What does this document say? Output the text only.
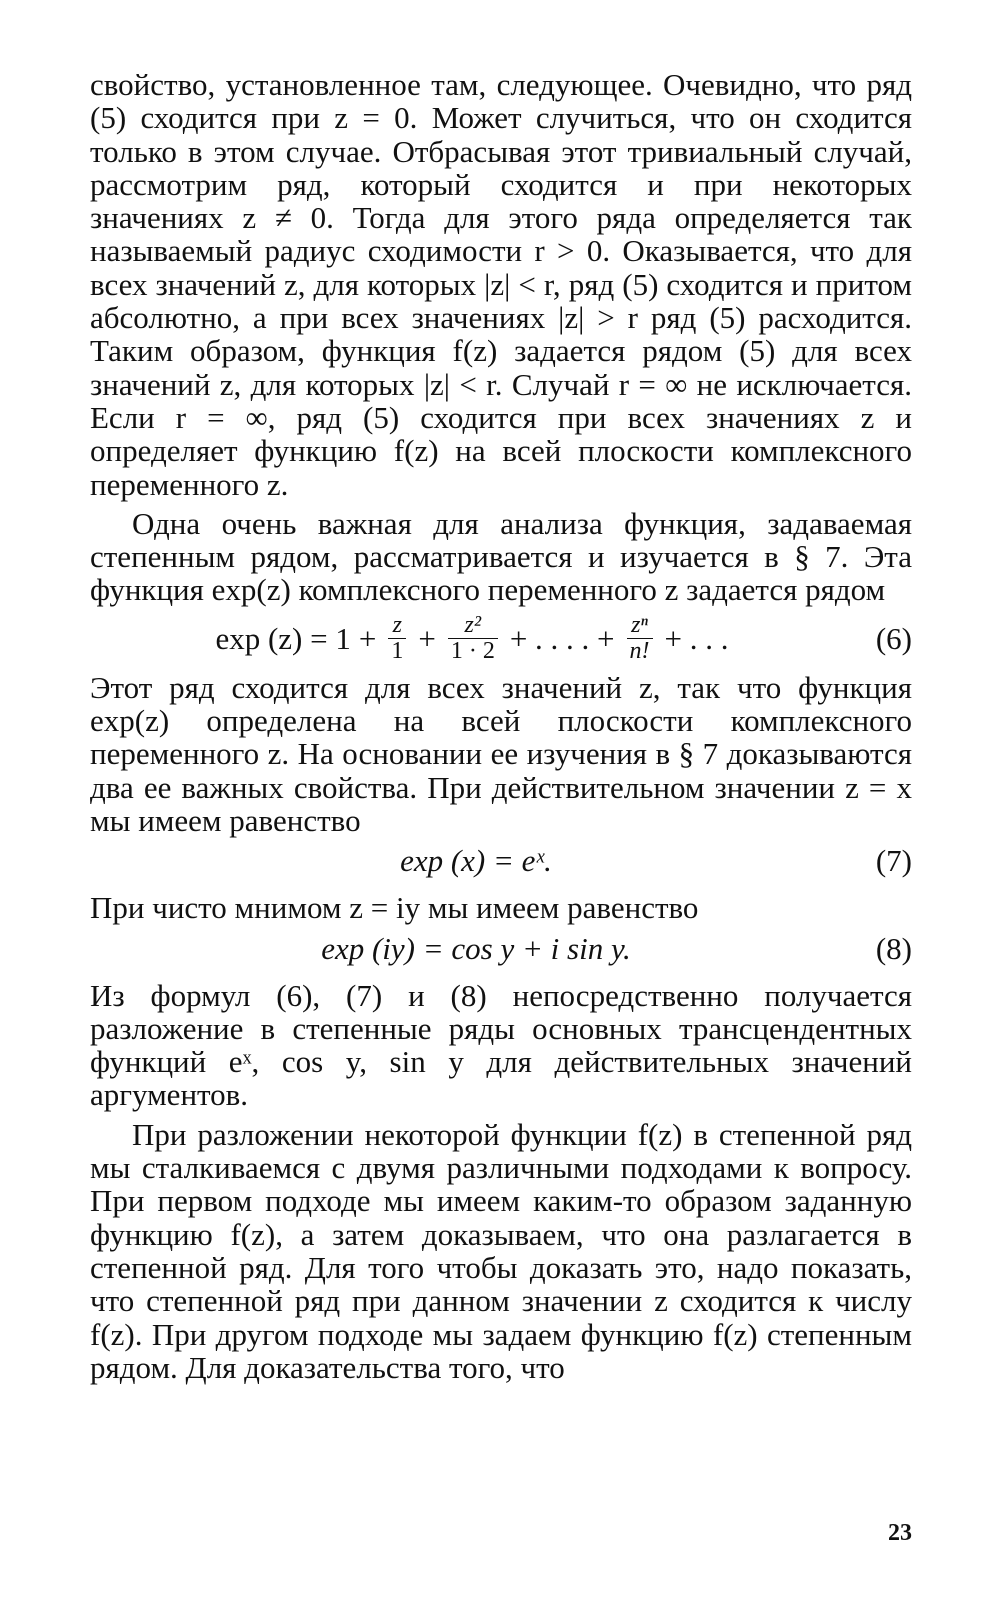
свойство, установленное там, следующее. Очевидно, что ряд (5) сходится при z = 0. Может случиться, что он сходится только в этом случае. Отбрасывая этот тривиальный случай, рассмотрим ряд, который сходится и при некоторых значениях z ≠ 0. Тогда для этого ряда определяется так называемый радиус сходимости r > 0. Оказывается, что для всех значений z, для которых |z| < r, ряд (5) сходится и притом абсолютно, а при всех значениях |z| > r ряд (5) расходится. Таким образом, функция f(z) задается рядом (5) для всех значений z, для которых |z| < r. Случай r = ∞ не исключается. Если r = ∞, ряд (5) сходится при всех значениях z и определяет функцию f(z) на всей плоскости комплексного переменного z.

Одна очень важная для анализа функция, задаваемая степенным рядом, рассматривается и изучается в § 7. Эта функция exp(z) комплексного переменного z задается рядом

$\exp (z) = 1 + \frac{z}{1} + \frac{\text{z²}}{1 \cdot 2}$ + . . . . + $\frac{\text{zⁿ}}{n!}$ + . . .	(6)

Этот ряд сходится для всех значений z, так что функция exp(z) определена на всей плоскости комплексного переменного z. На основании ее изучения в § 7 доказываются два ее важных свойства. При действительном значении z = x мы имеем равенство

exp (x) = eˣ.	(7)

При чисто мнимом z = iy мы имеем равенство

exp (iy) = cos y + i sin y.	(8)

Из формул (6), (7) и (8) непосредственно получается разложение в степенные ряды основных трансцендентных функций eˣ, cos y, sin y для действительных значений аргументов.

При разложении некоторой функции f(z) в степенной ряд мы сталкиваемся с двумя различными подходами к вопросу. При первом подходе мы имеем каким-то образом заданную функцию f(z), а затем доказываем, что она разлагается в степенной ряд. Для того чтобы доказать это, надо показать, что степенной ряд при данном значении z сходится к числу f(z). При другом подходе мы задаем функцию f(z) степенным рядом. Для доказательства того, что

23
